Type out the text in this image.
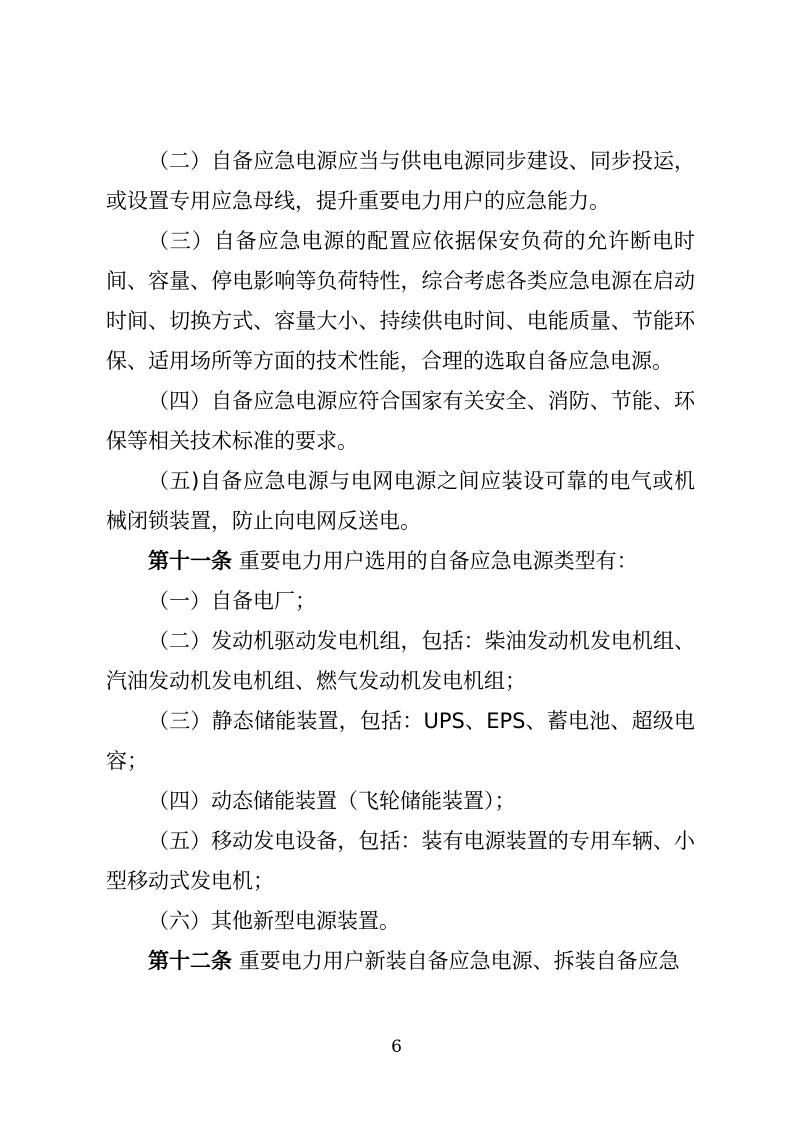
（二）自备应急电源应当与供电电源同步建设、同步投运，或设置专用应急母线，提升重要电力用户的应急能力。

（三）自备应急电源的配置应依据保安负荷的允许断电时间、容量、停电影响等负荷特性，综合考虑各类应急电源在启动时间、切换方式、容量大小、持续供电时间、电能质量、节能环保、适用场所等方面的技术性能，合理的选取自备应急电源。

（四）自备应急电源应符合国家有关安全、消防、节能、环保等相关技术标准的要求。

（五)自备应急电源与电网电源之间应装设可靠的电气或机械闭锁装置，防止向电网反送电。

第十一条 重要电力用户选用的自备应急电源类型有：

（一）自备电厂；

（二）发动机驱动发电机组，包括：柴油发动机发电机组、汽油发动机发电机组、燃气发动机发电机组；

（三）静态储能装置，包括：UPS、EPS、蓄电池、超级电容；

（四）动态储能装置（飞轮储能装置）；

（五）移动发电设备，包括：装有电源装置的专用车辆、小型移动式发电机；

（六）其他新型电源装置。

第十二条 重要电力用户新装自备应急电源、拆装自备应急

6
